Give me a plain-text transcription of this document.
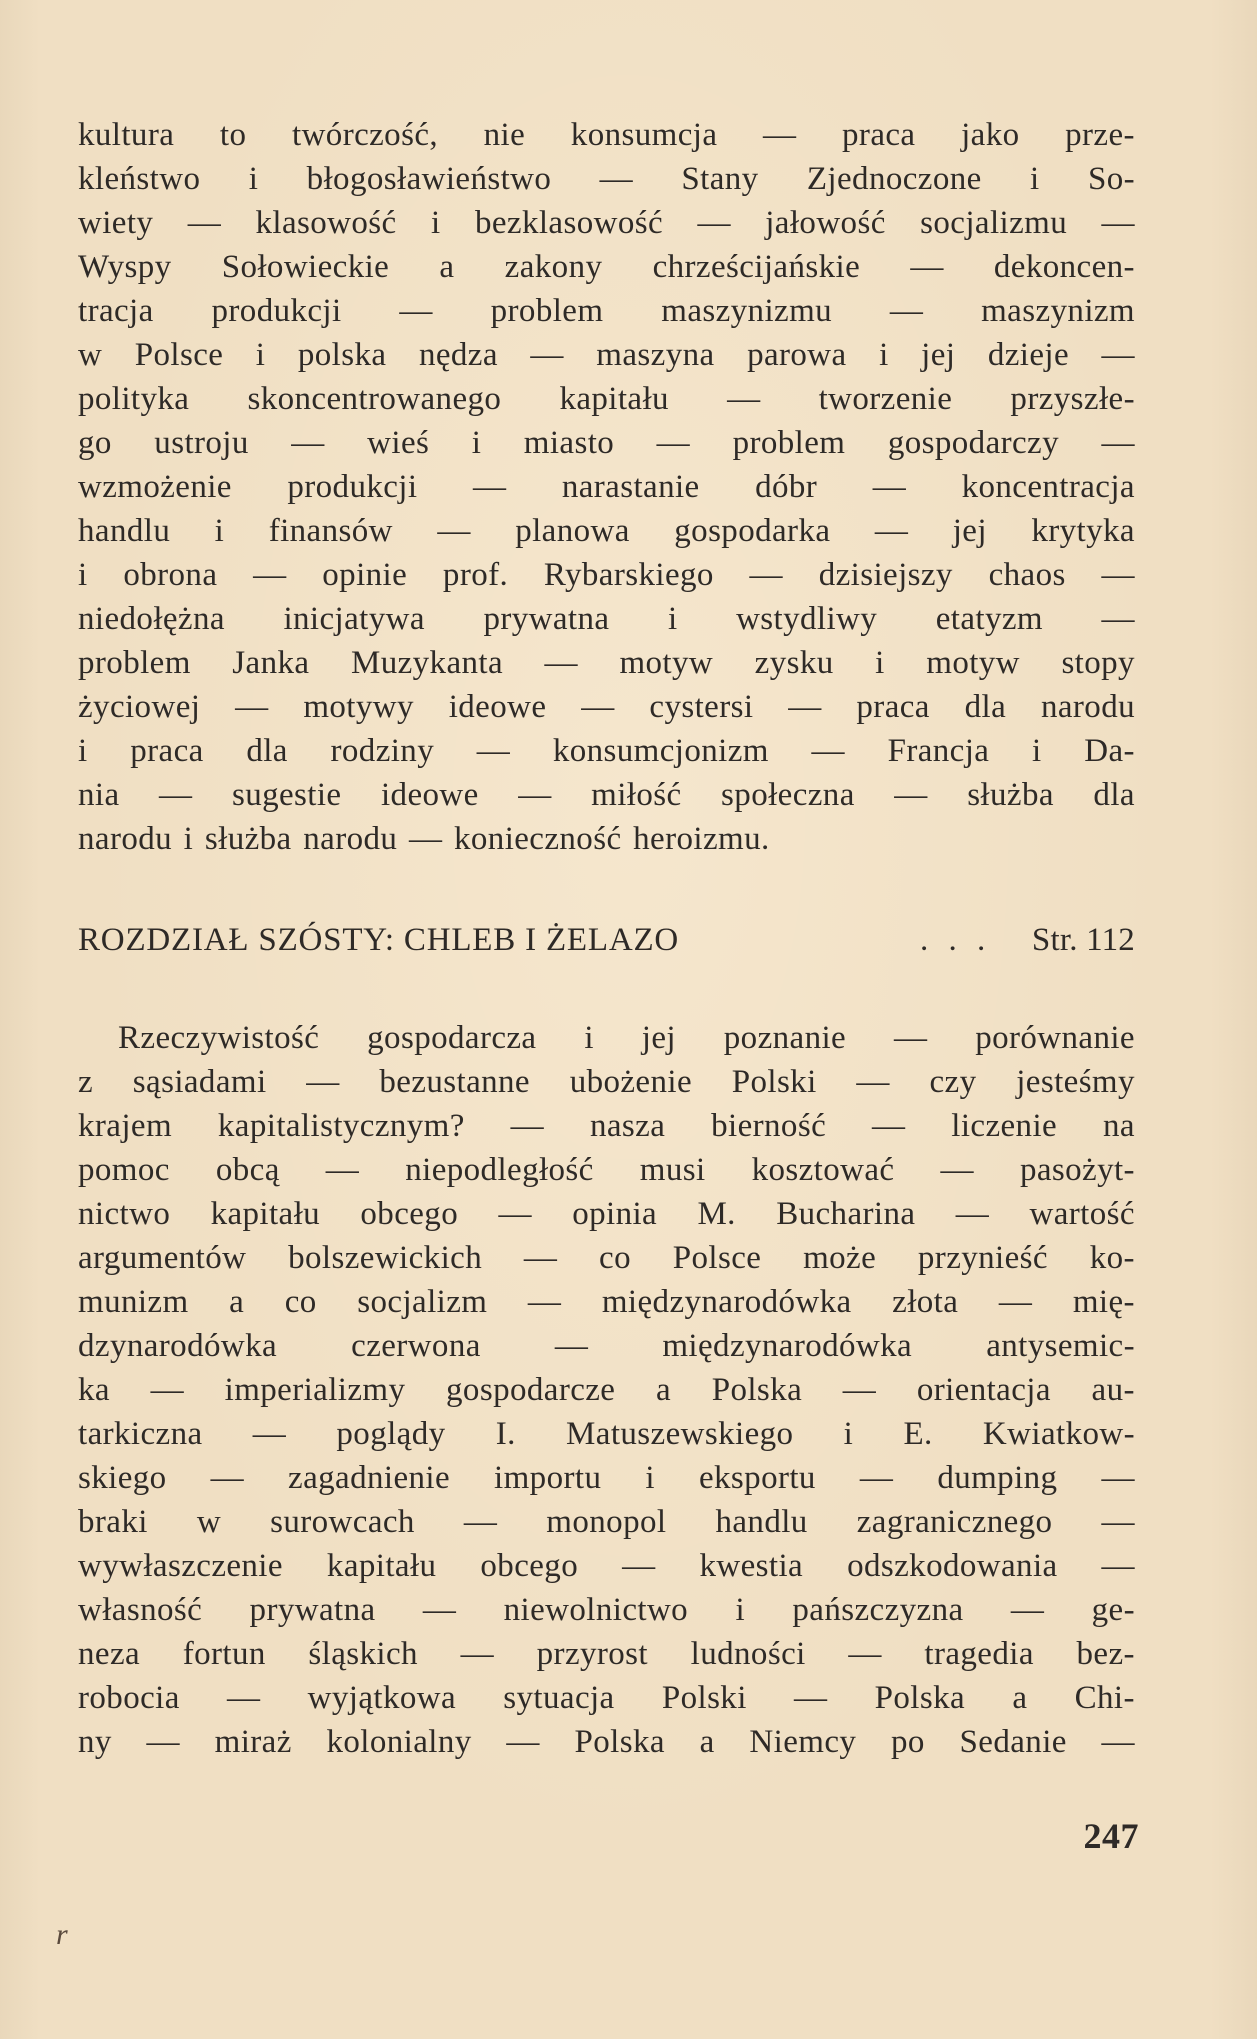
kultura to twórczość, nie konsumcja — praca jako prze-
kleństwo i błogosławieństwo — Stany Zjednoczone i So-
wiety — klasowość i bezklasowość — jałowość socjalizmu —
Wyspy Sołowieckie a zakony chrześcijańskie — dekoncen-
tracja produkcji — problem maszynizmu — maszynizm
w Polsce i polska nędza — maszyna parowa i jej dzieje —
polityka skoncentrowanego kapitału — tworzenie przyszłe-
go ustroju — wieś i miasto — problem gospodarczy —
wzmożenie produkcji — narastanie dóbr — koncentracja
handlu i finansów — planowa gospodarka — jej krytyka
i obrona — opinie prof. Rybarskiego — dzisiejszy chaos —
niedołężna inicjatywa prywatna i wstydliwy etatyzm —
problem Janka Muzykanta — motyw zysku i motyw stopy
życiowej — motywy ideowe — cystersi — praca dla narodu
i praca dla rodziny — konsumcjonizm — Francja i Da-
nia — sugestie ideowe — miłość społeczna — służba dla
narodu i służba narodu — konieczność heroizmu.
ROZDZIAŁ SZÓSTY: CHLEB I ŻELAZO	. . . Str. 112
Rzeczywistość gospodarcza i jej poznanie — porównanie
z sąsiadami — bezustanne ubożenie Polski — czy jesteśmy
krajem kapitalistycznym? — nasza bierność — liczenie na
pomoc obcą — niepodległość musi kosztować — pasożyt-
nictwo kapitału obcego — opinia M. Bucharina — wartość
argumentów bolszewickich — co Polsce może przynieść ko-
munizm a co socjalizm — międzynarodówka złota — mię-
dzynarodówka czerwona — międzynarodówka antysemic-
ka — imperializmy gospodarcze a Polska — orientacja au-
tarkiczna — poglądy I. Matuszewskiego i E. Kwiatkow-
skiego — zagadnienie importu i eksportu — dumping —
braki w surowcach — monopol handlu zagranicznego —
wywłaszczenie kapitału obcego — kwestia odszkodowania —
własność prywatna — niewolnictwo i pańszczyzna — ge-
neza fortun śląskich — przyrost ludności — tragedia bez-
robocia — wyjątkowa sytuacja Polski — Polska a Chi-
ny — miraż kolonialny — Polska a Niemcy po Sedanie —
247
r
